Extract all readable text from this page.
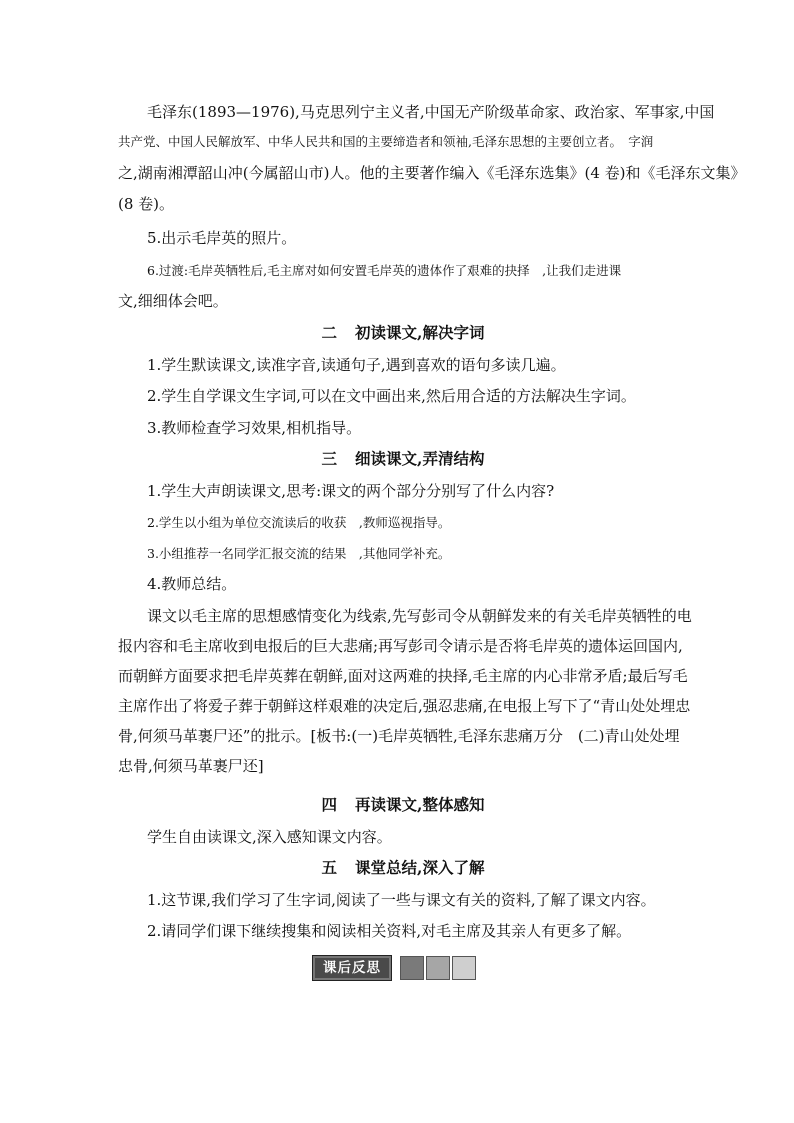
毛泽东(1893—1976),马克思列宁主义者,中国无产阶级革命家、政治家、军事家,中国

共产党、中国人民解放军、中华人民共和国的主要缔造者和领袖,毛泽东思想的主要创立者。　字润

之,湖南湘潭韶山冲(今属韶山市)人。他的主要著作编入《毛泽东选集》(4 卷)和《毛泽东文集》

(8 卷)。

5.出示毛岸英的照片。

6.过渡:毛岸英牺牲后,毛主席对如何安置毛岸英的遗体作了艰难的抉择　,让我们走进课

文,细细体会吧。

二 初读课文,解决字词

1.学生默读课文,读准字音,读通句子,遇到喜欢的语句多读几遍。

2.学生自学课文生字词,可以在文中画出来,然后用合适的方法解决生字词。

3.教师检查学习效果,相机指导。

三 细读课文,弄清结构

1.学生大声朗读课文,思考:课文的两个部分分别写了什么内容?

2.学生以小组为单位交流读后的收获　,教师巡视指导。

3.小组推荐一名同学汇报交流的结果　,其他同学补充。

4.教师总结。

课文以毛主席的思想感情变化为线索,先写彭司令从朝鲜发来的有关毛岸英牺牲的电报内容和毛主席收到电报后的巨大悲痛;再写彭司令请示是否将毛岸英的遗体运回国内,而朝鲜方面要求把毛岸英葬在朝鲜,面对这两难的抉择,毛主席的内心非常矛盾;最后写毛主席作出了将爱子葬于朝鲜这样艰难的决定后,强忍悲痛,在电报上写下了“青山处处埋忠骨,何须马革裹尸还”的批示。[板书:(一)毛岸英牺牲,毛泽东悲痛万分　(二)青山处处埋忠骨,何须马革裹尸还]

四 再读课文,整体感知

学生自由读课文,深入感知课文内容。

五 课堂总结,深入了解

1.这节课,我们学习了生字词,阅读了一些与课文有关的资料,了解了课文内容。

2.请同学们课下继续搜集和阅读相关资料,对毛主席及其亲人有更多了解。

课后反思
